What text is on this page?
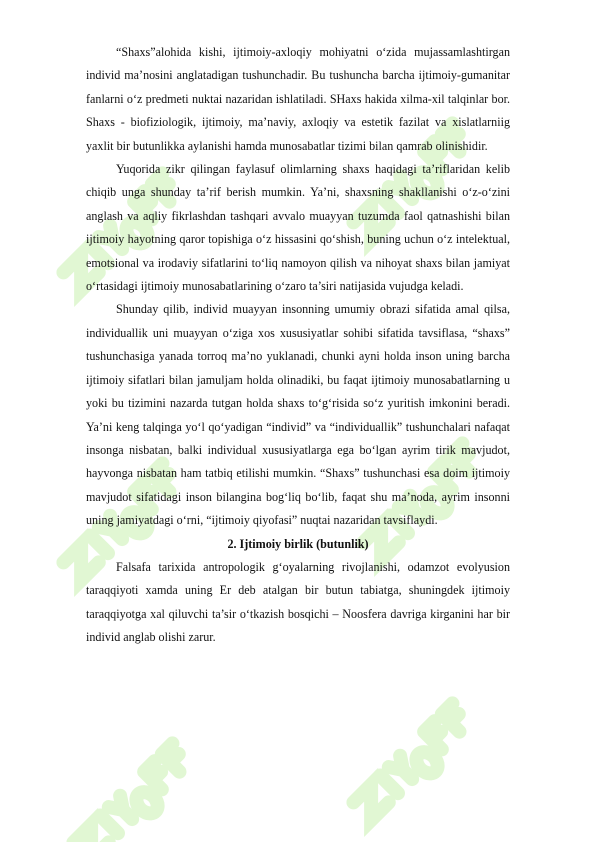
“Shaxs”alohida kishi, ijtimoiy-axloqiy mohiyatni o‘zida mujassamlashtirgan individ ma’nosini anglatadigan tushunchadir. Bu tushuncha barcha ijtimoiy-gumanitar fanlarni o‘z predmeti nuktai nazaridan ishlatiladi. SHaxs hakida xilma-xil talqinlar bor. Shaxs - biofiziologik, ijtimoiy, ma’naviy, axloqiy va estetik fazilat va xislatlarniig yaxlit bir butunlikka aylanishi hamda munosabatlar tizimi bilan qamrab olinishidir.

Yuqorida zikr qilingan faylasuf olimlarning shaxs haqidagi ta’riflaridan kelib chiqib unga shunday ta’rif berish mumkin. Ya’ni, shaxsning shakllanishi o‘z-o‘zini anglash va aqliy fikrlashdan tashqari avvalo muayyan tuzumda faol qatnashishi bilan ijtimoiy hayotning qaror topishiga o‘z hissasini qo‘shish, buning uchun o‘z intelektual, emotsional va irodaviy sifatlarini to‘liq namoyon qilish va nihoyat shaxs bilan jamiyat o‘rtasidagi ijtimoiy munosabatlarining o‘zaro ta’siri natijasida vujudga keladi.

Shunday qilib, individ muayyan insonning umumiy obrazi sifatida amal qilsa, individuallik uni muayyan o‘ziga xos xususiyatlar sohibi sifatida tavsiflasa, “shaxs” tushunchasiga yanada torroq ma’no yuklanadi, chunki ayni holda inson uning barcha ijtimoiy sifatlari bilan jamuljam holda olinadiki, bu faqat ijtimoiy munosabatlarning u yoki bu tizimini nazarda tutgan holda shaxs to‘g‘risida so‘z yuritish imkonini beradi. Ya’ni keng talqinga yo‘l qo‘yadigan “individ” va “individuallik” tushunchalari nafaqat insonga nisbatan, balki individual xususiyatlarga ega bo‘lgan ayrim tirik mavjudot, hayvonga nisbatan ham tatbiq etilishi mumkin. “Shaxs” tushunchasi esa doim ijtimoiy mavjudot sifatidagi inson bilangina bog‘liq bo‘lib, faqat shu ma’noda, ayrim insonni uning jamiyatdagi o‘rni, “ijtimoiy qiyofasi” nuqtai nazaridan tavsiflaydi.

2. Ijtimoiy birlik (butunlik)

Falsafa tarixida antropologik g‘oyalarning rivojlanishi, odamzot evolyusion taraqqiyoti xamda uning Er deb atalgan bir butun tabiatga, shuningdek ijtimoiy taraqqiyotga xal qiluvchi ta’sir o‘tkazish bosqichi – Noosfera davriga kirganini har bir individ anglab olishi zarur.
